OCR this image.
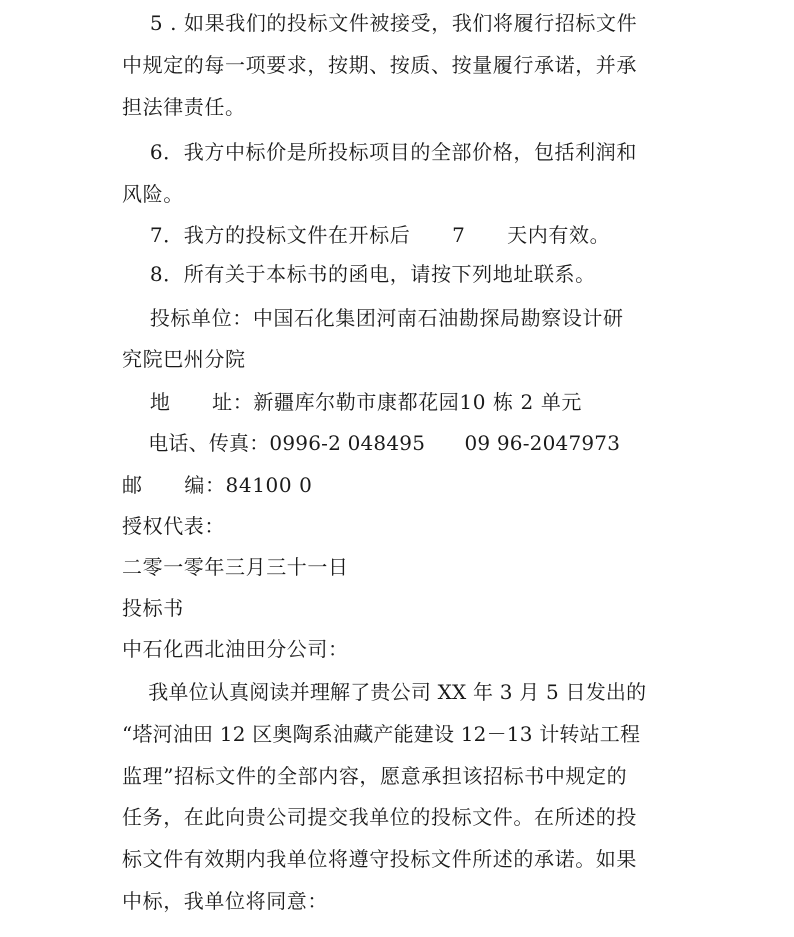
5 . 如果我们的投标文件被接受，我们将履行招标文件
中规定的每一项要求，按期、按质、按量履行承诺，并承
担法律责任。
6．我方中标价是所投标项目的全部价格，包括利润和
风险。
7．我方的投标文件在开标后      7      天内有效。
8．所有关于本标书的函电，请按下列地址联系。
投标单位：中国石化集团河南石油勘探局勘察设计研
究院巴州分院
地      址：新疆库尔勒市康都花园10 栋 2 单元
电话、传真：0996-2 048495      09 96-2047973
邮      编：84100 0
授权代表：
二零一零年三月三十一日
投标书
中石化西北油田分公司：
我单位认真阅读并理解了贵公司 XX 年 3 月 5 日发出的
“塔河油田 12 区奥陶系油藏产能建设 12－13 计转站工程
监理”招标文件的全部内容，愿意承担该招标书中规定的
任务，在此向贵公司提交我单位的投标文件。在所述的投
标文件有效期内我单位将遵守投标文件所述的承诺。如果
中标，我单位将同意：
